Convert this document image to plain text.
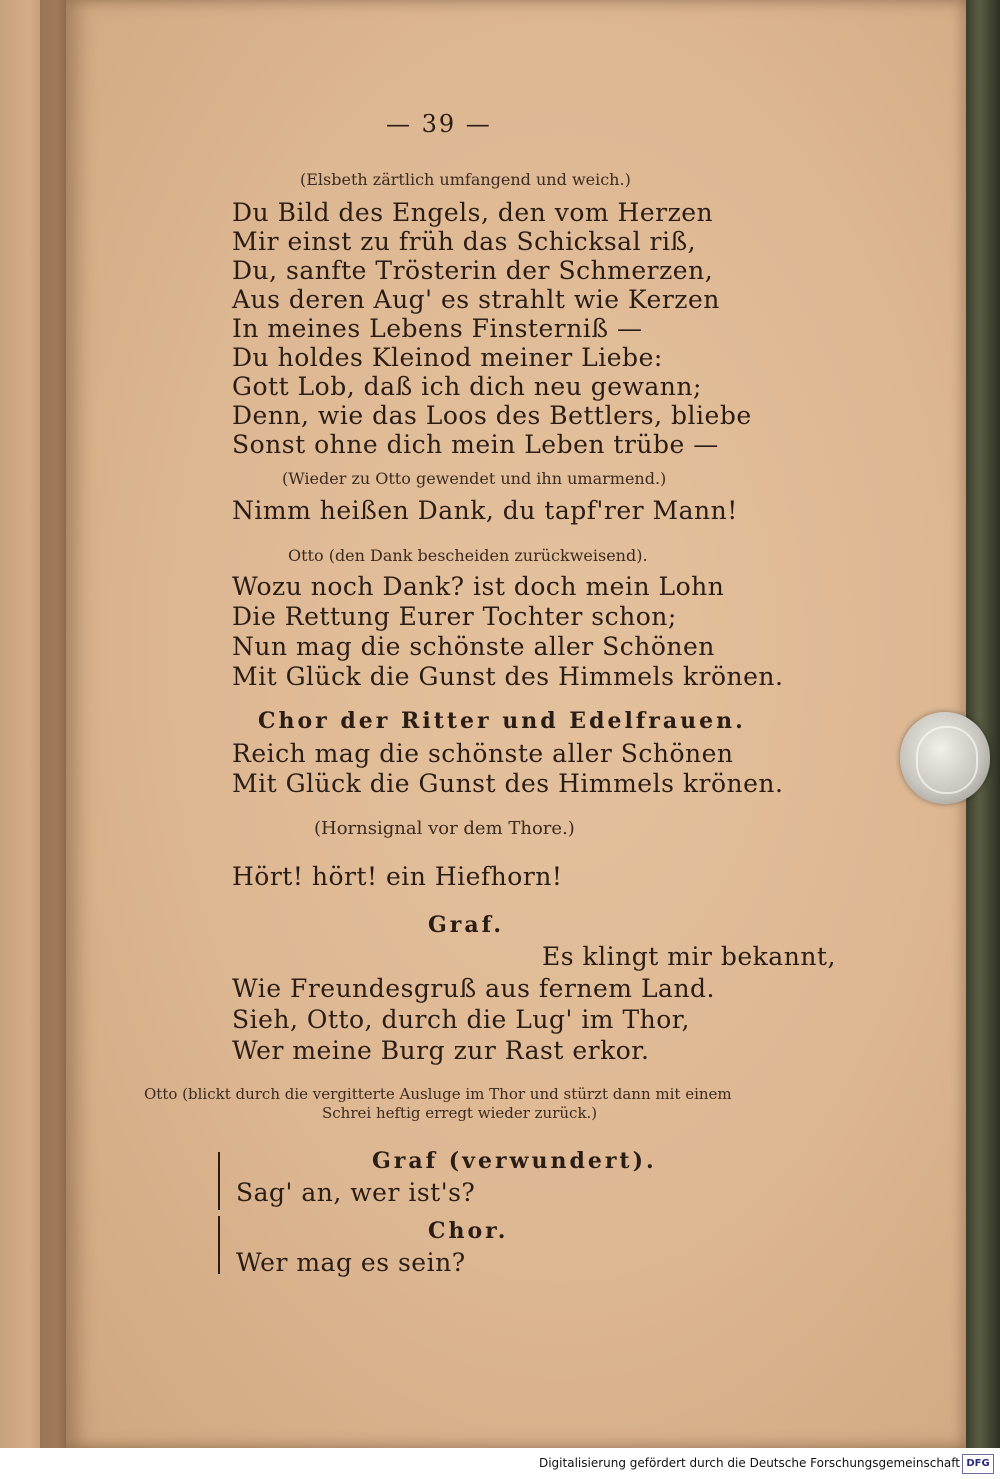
— 39 —
(Elsbeth zärtlich umfangend und weich.)
Du Bild des Engels, den vom Herzen
Mir einst zu früh das Schicksal riß,
Du, sanfte Trösterin der Schmerzen,
Aus deren Aug' es strahlt wie Kerzen
In meines Lebens Finsterniß —
Du holdes Kleinod meiner Liebe:
Gott Lob, daß ich dich neu gewann;
Denn, wie das Loos des Bettlers, bliebe
Sonst ohne dich mein Leben trübe —
(Wieder zu Otto gewendet und ihn umarmend.)
Nimm heißen Dank, du tapf'rer Mann!
Otto (den Dank bescheiden zurückweisend).
Wozu noch Dank? ist doch mein Lohn
Die Rettung Eurer Tochter schon;
Nun mag die schönste aller Schönen
Mit Glück die Gunst des Himmels krönen.
Chor der Ritter und Edelfrauen.
Reich mag die schönste aller Schönen
Mit Glück die Gunst des Himmels krönen.
(Hornsignal vor dem Thore.)
Hört! hört! ein Hiefhorn!
Graf.
Es klingt mir bekannt,
Wie Freundesgruß aus fernem Land.
Sieh, Otto, durch die Lug' im Thor,
Wer meine Burg zur Rast erkor.
Otto (blickt durch die vergitterte Ausluge im Thor und stürzt dann mit einem
Schrei heftig erregt wieder zurück.)
Graf (verwundert).
Sag' an, wer ist's?
Chor.
Wer mag es sein?
Digitalisierung gefördert durch die Deutsche Forschungsgemeinschaft DFG
